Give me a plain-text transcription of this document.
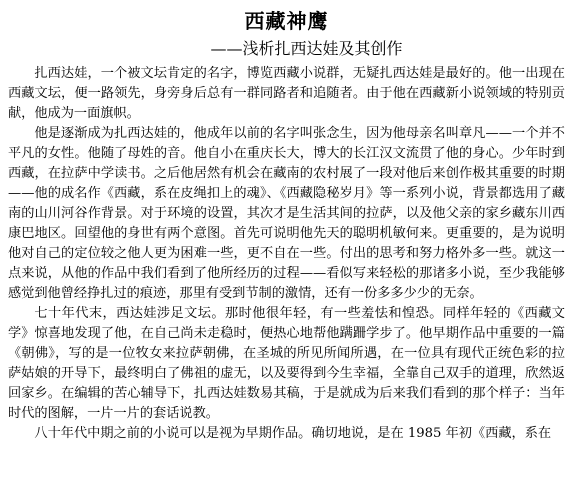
西藏神鹰
——浅析扎西达娃及其创作

扎西达娃，一个被文坛肯定的名字，博览西藏小说群，无疑扎西达娃是最好的。他一出现在西藏文坛，便一路领先，身旁身后总有一群同路者和追随者。由于他在西藏新小说领域的特别贡献，他成为一面旗帜。

他是逐渐成为扎西达娃的，他成年以前的名字叫张念生，因为他母亲名叫章凡——一个并不平凡的女性。他随了母姓的音。他自小在重庆长大，博大的长江汉文流贯了他的身心。少年时到西藏，在拉萨中学读书。之后他居然有机会在藏南的农村展了一段对他后来创作极其重要的时期——他的成名作《西藏，系在皮绳扣上的魂》、《西藏隐秘岁月》等一系列小说，背景都选用了藏南的山川河谷作背景。对于环境的设置，其次才是生活其间的拉萨，以及他父亲的家乡藏东川西康巴地区。回望他的身世有两个意图。首先可说明他先天的聪明机敏何来。更重要的，是为说明他对自己的定位较之他人更为困难一些，更不自在一些。付出的思考和努力格外多一些。就这一点来说，从他的作品中我们看到了他所经历的过程——看似写来轻松的那诸多小说，至少我能够感觉到他曾经挣扎过的痕迹，那里有受到节制的激情，还有一份多多少少的无奈。

七十年代末，西达娃涉足文坛。那时他很年轻，有一些羞怯和惶恐。同样年轻的《西藏文学》惊喜地发现了他，在自己尚未走稳时，便热心地帮他蹒跚学步了。他早期作品中重要的一篇《朝佛》，写的是一位牧女来拉萨朝佛，在圣城的所见所闻所遇，在一位具有现代正统色彩的拉萨姑娘的开导下，最终明白了佛祖的虚无，以及要得到今生幸福，全靠自己双手的道理，欣然返回家乡。在编辑的苦心辅导下，扎西达娃数易其稿，于是就成为后来我们看到的那个样子：当年时代的图解，一片一片的套话说教。

八十年代中期之前的小说可以是视为早期作品。确切地说，是在 1985 年初《西藏，系在
